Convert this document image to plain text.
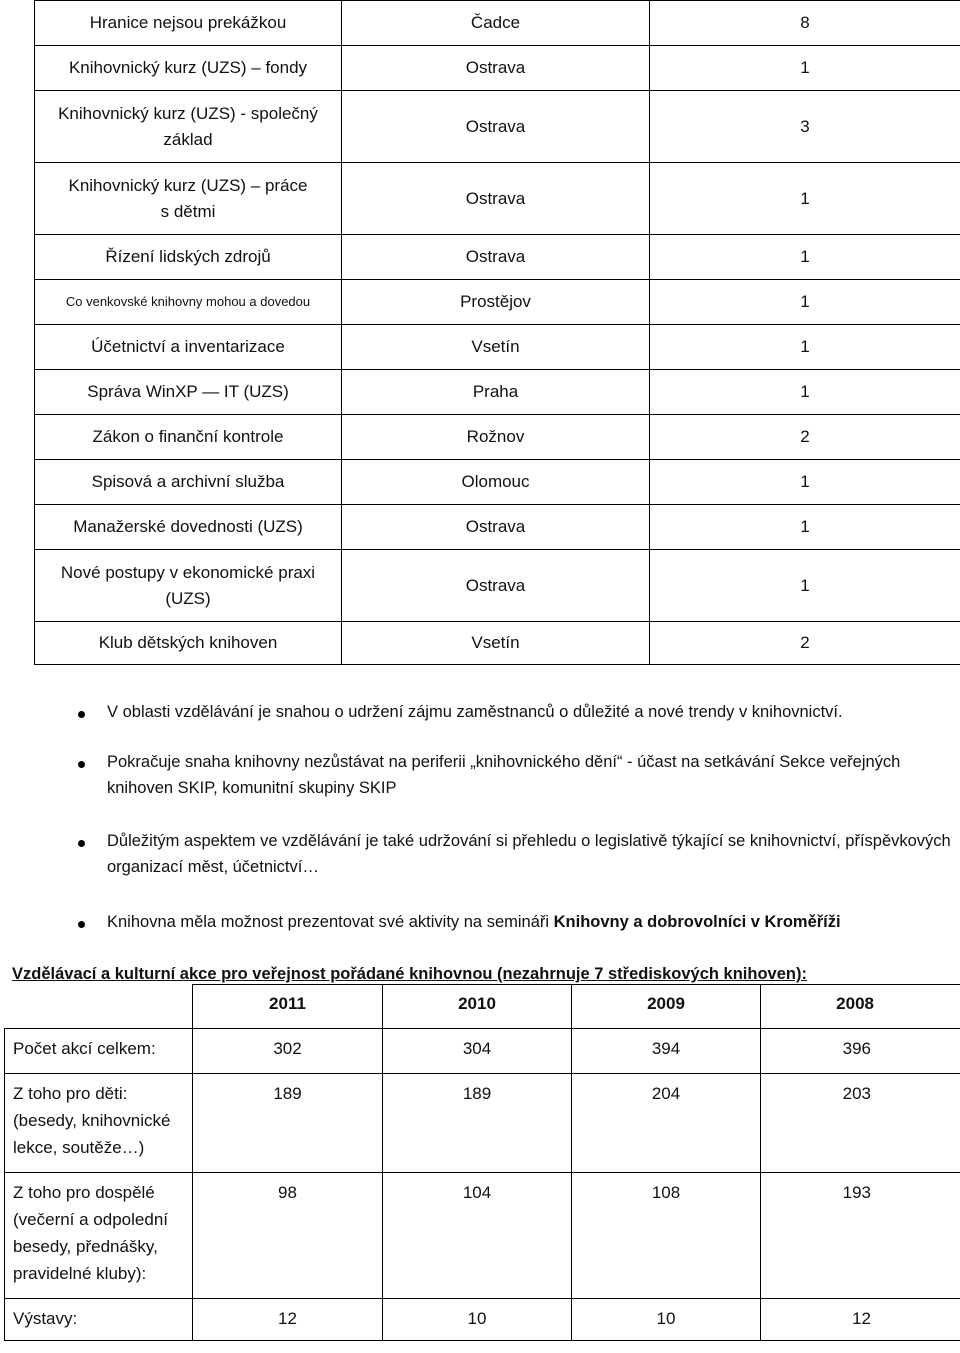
Hranice nejsou prekážkou	Čadce	8
Knihovnický kurz (UZS) – fondy	Ostrava	1
Knihovnický kurz (UZS) - společný základ	Ostrava	3
Knihovnický kurz (UZS) – práce s dětmi	Ostrava	1
Řízení lidských zdrojů	Ostrava	1
Co venkovské knihovny mohou a dovedou	Prostějov	1
Účetnictví a inventarizace	Vsetín	1
Správa WinXP — IT (UZS)	Praha	1
Zákon o finanční kontrole	Rožnov	2
Spisová a archivní služba	Olomouc	1
Manažerské dovednosti (UZS)	Ostrava	1
Nové postupy v ekonomické praxi (UZS)	Ostrava	1
Klub dětských knihoven	Vsetín	2
V oblasti vzdělávání je snahou o udržení zájmu zaměstnanců o důležité a nové trendy v knihovnictví.
Pokračuje snaha knihovny nezůstávat na periferii „knihovnického dění“ - účast na setkávání Sekce veřejných knihoven SKIP, komunitní skupiny SKIP
Důležitým aspektem ve vzdělávání je také udržování si přehledu o legislativě týkající se knihovnictví, příspěvkových organizací měst, účetnictví…
Knihovna měla možnost prezentovat své aktivity na semináři Knihovny a dobrovolníci v Kroměříži
Vzdělávací a kulturní akce pro veřejnost pořádané knihovnou (nezahrnuje 7 střediskových knihoven):
	2011	2010	2009	2008
Počet akcí celkem:	302	304	394	396
Z toho pro děti: (besedy, knihovnické lekce, soutěže…)	189	189	204	203
Z toho pro dospělé (večerní a odpolední besedy, přednášky, pravidelné kluby):	98	104	108	193
Výstavy:	12	10	10	12
